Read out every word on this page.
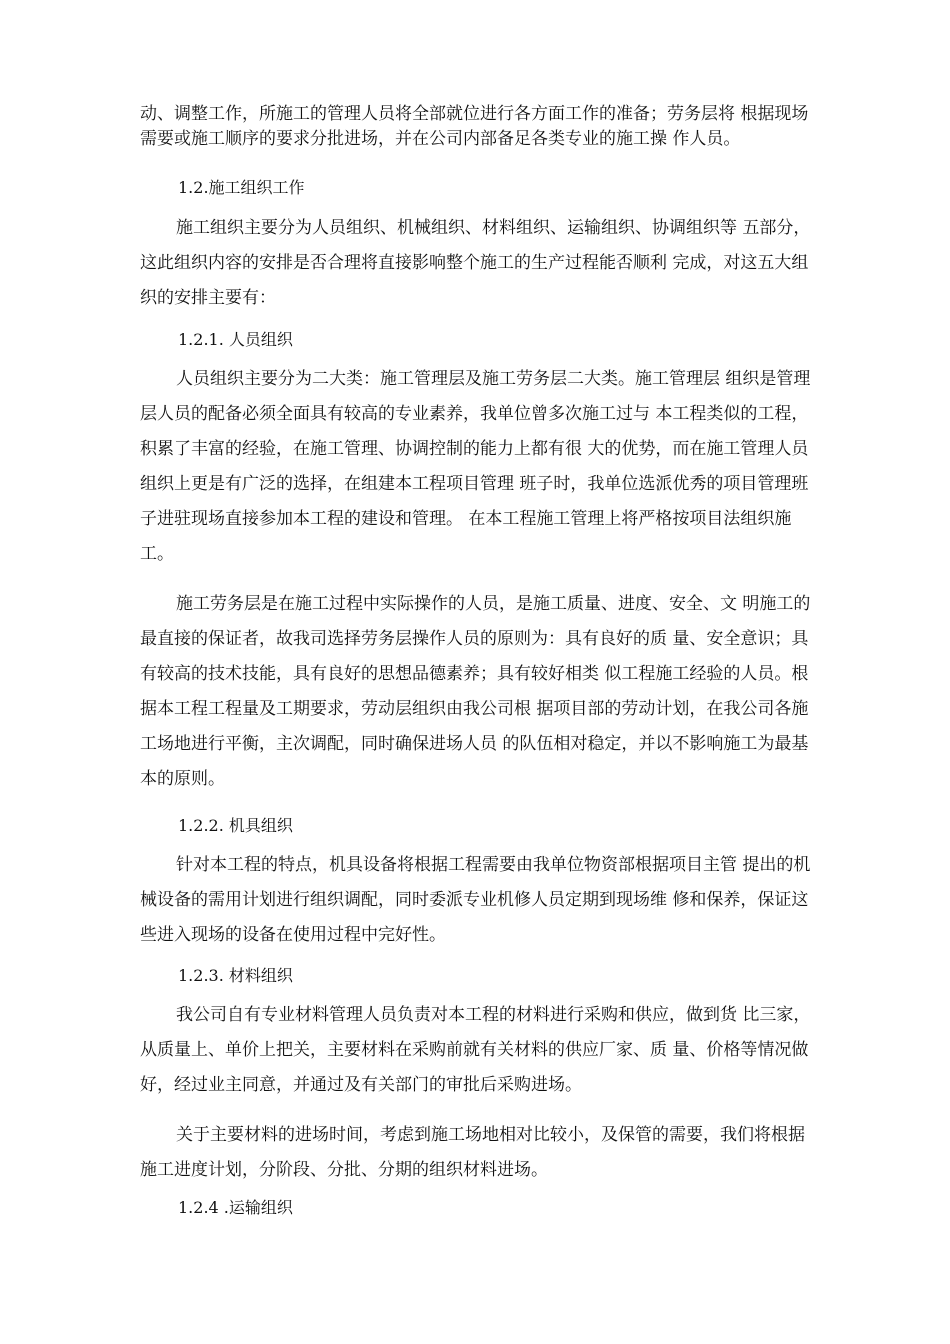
动、调整工作，所施工的管理人员将全部就位进行各方面工作的准备；劳务层将 根据现场需要或施工顺序的要求分批进场，并在公司内部备足各类专业的施工操 作人员。

1.2.施工组织工作

施工组织主要分为人员组织、机械组织、材料组织、运输组织、协调组织等 五部分，这此组织内容的安排是否合理将直接影响整个施工的生产过程能否顺利 完成，对这五大组织的安排主要有：

1.2.1. 人员组织

人员组织主要分为二大类：施工管理层及施工劳务层二大类。施工管理层 组织是管理层人员的配备必须全面具有较高的专业素养，我单位曾多次施工过与 本工程类似的工程，积累了丰富的经验，在施工管理、协调控制的能力上都有很 大的优势，而在施工管理人员组织上更是有广泛的选择，在组建本工程项目管理 班子时，我单位选派优秀的项目管理班子进驻现场直接参加本工程的建设和管理。 在本工程施工管理上将严格按项目法组织施工。

施工劳务层是在施工过程中实际操作的人员，是施工质量、进度、安全、文 明施工的最直接的保证者，故我司选择劳务层操作人员的原则为：具有良好的质 量、安全意识；具有较高的技术技能，具有良好的思想品德素养；具有较好相类 似工程施工经验的人员。根据本工程工程量及工期要求，劳动层组织由我公司根 据项目部的劳动计划，在我公司各施工场地进行平衡，主次调配，同时确保进场人员 的队伍相对稳定，并以不影响施工为最基本的原则。

1.2.2. 机具组织

针对本工程的特点，机具设备将根据工程需要由我单位物资部根据项目主管 提出的机械设备的需用计划进行组织调配，同时委派专业机修人员定期到现场维 修和保养，保证这些进入现场的设备在使用过程中完好性。

1.2.3. 材料组织

我公司自有专业材料管理人员负责对本工程的材料进行采购和供应，做到货 比三家，从质量上、单价上把关，主要材料在采购前就有关材料的供应厂家、质 量、价格等情况做好，经过业主同意，并通过及有关部门的审批后采购进场。

关于主要材料的进场时间，考虑到施工场地相对比较小，及保管的需要，我们将根据施工进度计划，分阶段、分批、分期的组织材料进场。

1.2.4 .运输组织
